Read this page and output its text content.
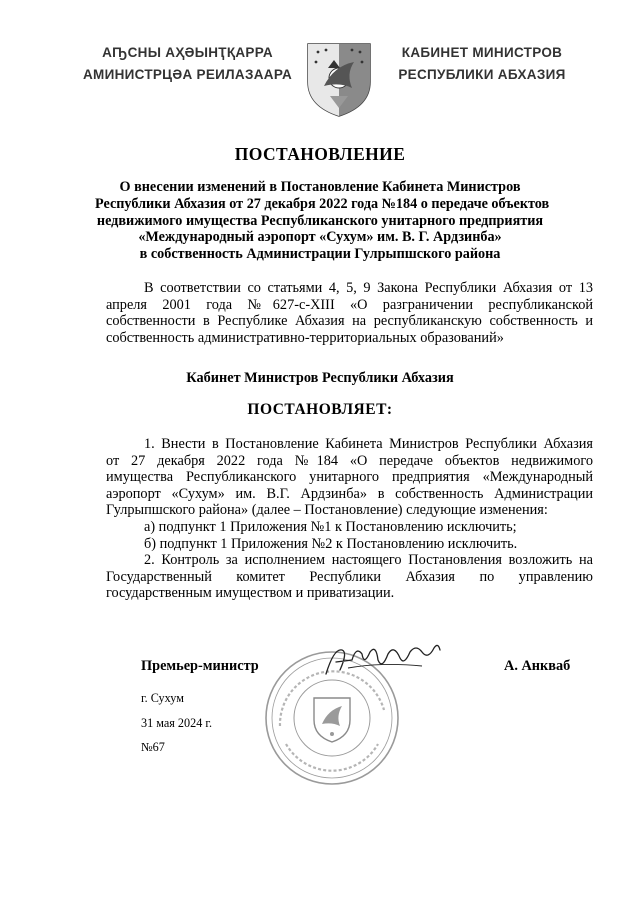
АҦСНЫ АҲӘЫНҬҚАРРА
АМИНИСТРЦӘА РЕИЛАЗААРА
КАБИНЕТ МИНИСТРОВ
РЕСПУБЛИКИ АБХАЗИЯ
ПОСТАНОВЛЕНИЕ
О внесении изменений в Постановление Кабинета Министров
Республики Абхазия от 27 декабря 2022 года №184 о передаче объектов
недвижимого имущества Республиканского унитарного предприятия
«Международный аэропорт «Сухум» им. В. Г. Ардзинба»
в собственность Администрации Гулрыпшского района
В соответствии со статьями 4, 5, 9 Закона Республики Абхазия от 13
апреля 2001 года №627-с-XIII «О разграничении республиканской
собственности в Республике Абхазия на республиканскую собственность и
собственность административно-территориальных образований»
Кабинет Министров Республики Абхазия
ПОСТАНОВЛЯЕТ:
1. Внести в Постановление Кабинета Министров Республики Абхазия
от 27 декабря 2022 года №184 «О передаче объектов недвижимого
имущества Республиканского унитарного предприятия «Международный
аэропорт «Сухум» им. В.Г. Ардзинба» в собственность Администрации
Гулрыпшского района» (далее – Постановление) следующие изменения:
а) подпункт 1 Приложения №1 к Постановлению исключить;
б) подпункт 1 Приложения №2 к Постановлению исключить.
2. Контроль за исполнением настоящего Постановления возложить на
Государственный комитет Республики Абхазия по управлению
государственным имуществом и приватизации.
Премьер-министр	А. Анкваб
г. Сухум
31 мая 2024 г.
№67
